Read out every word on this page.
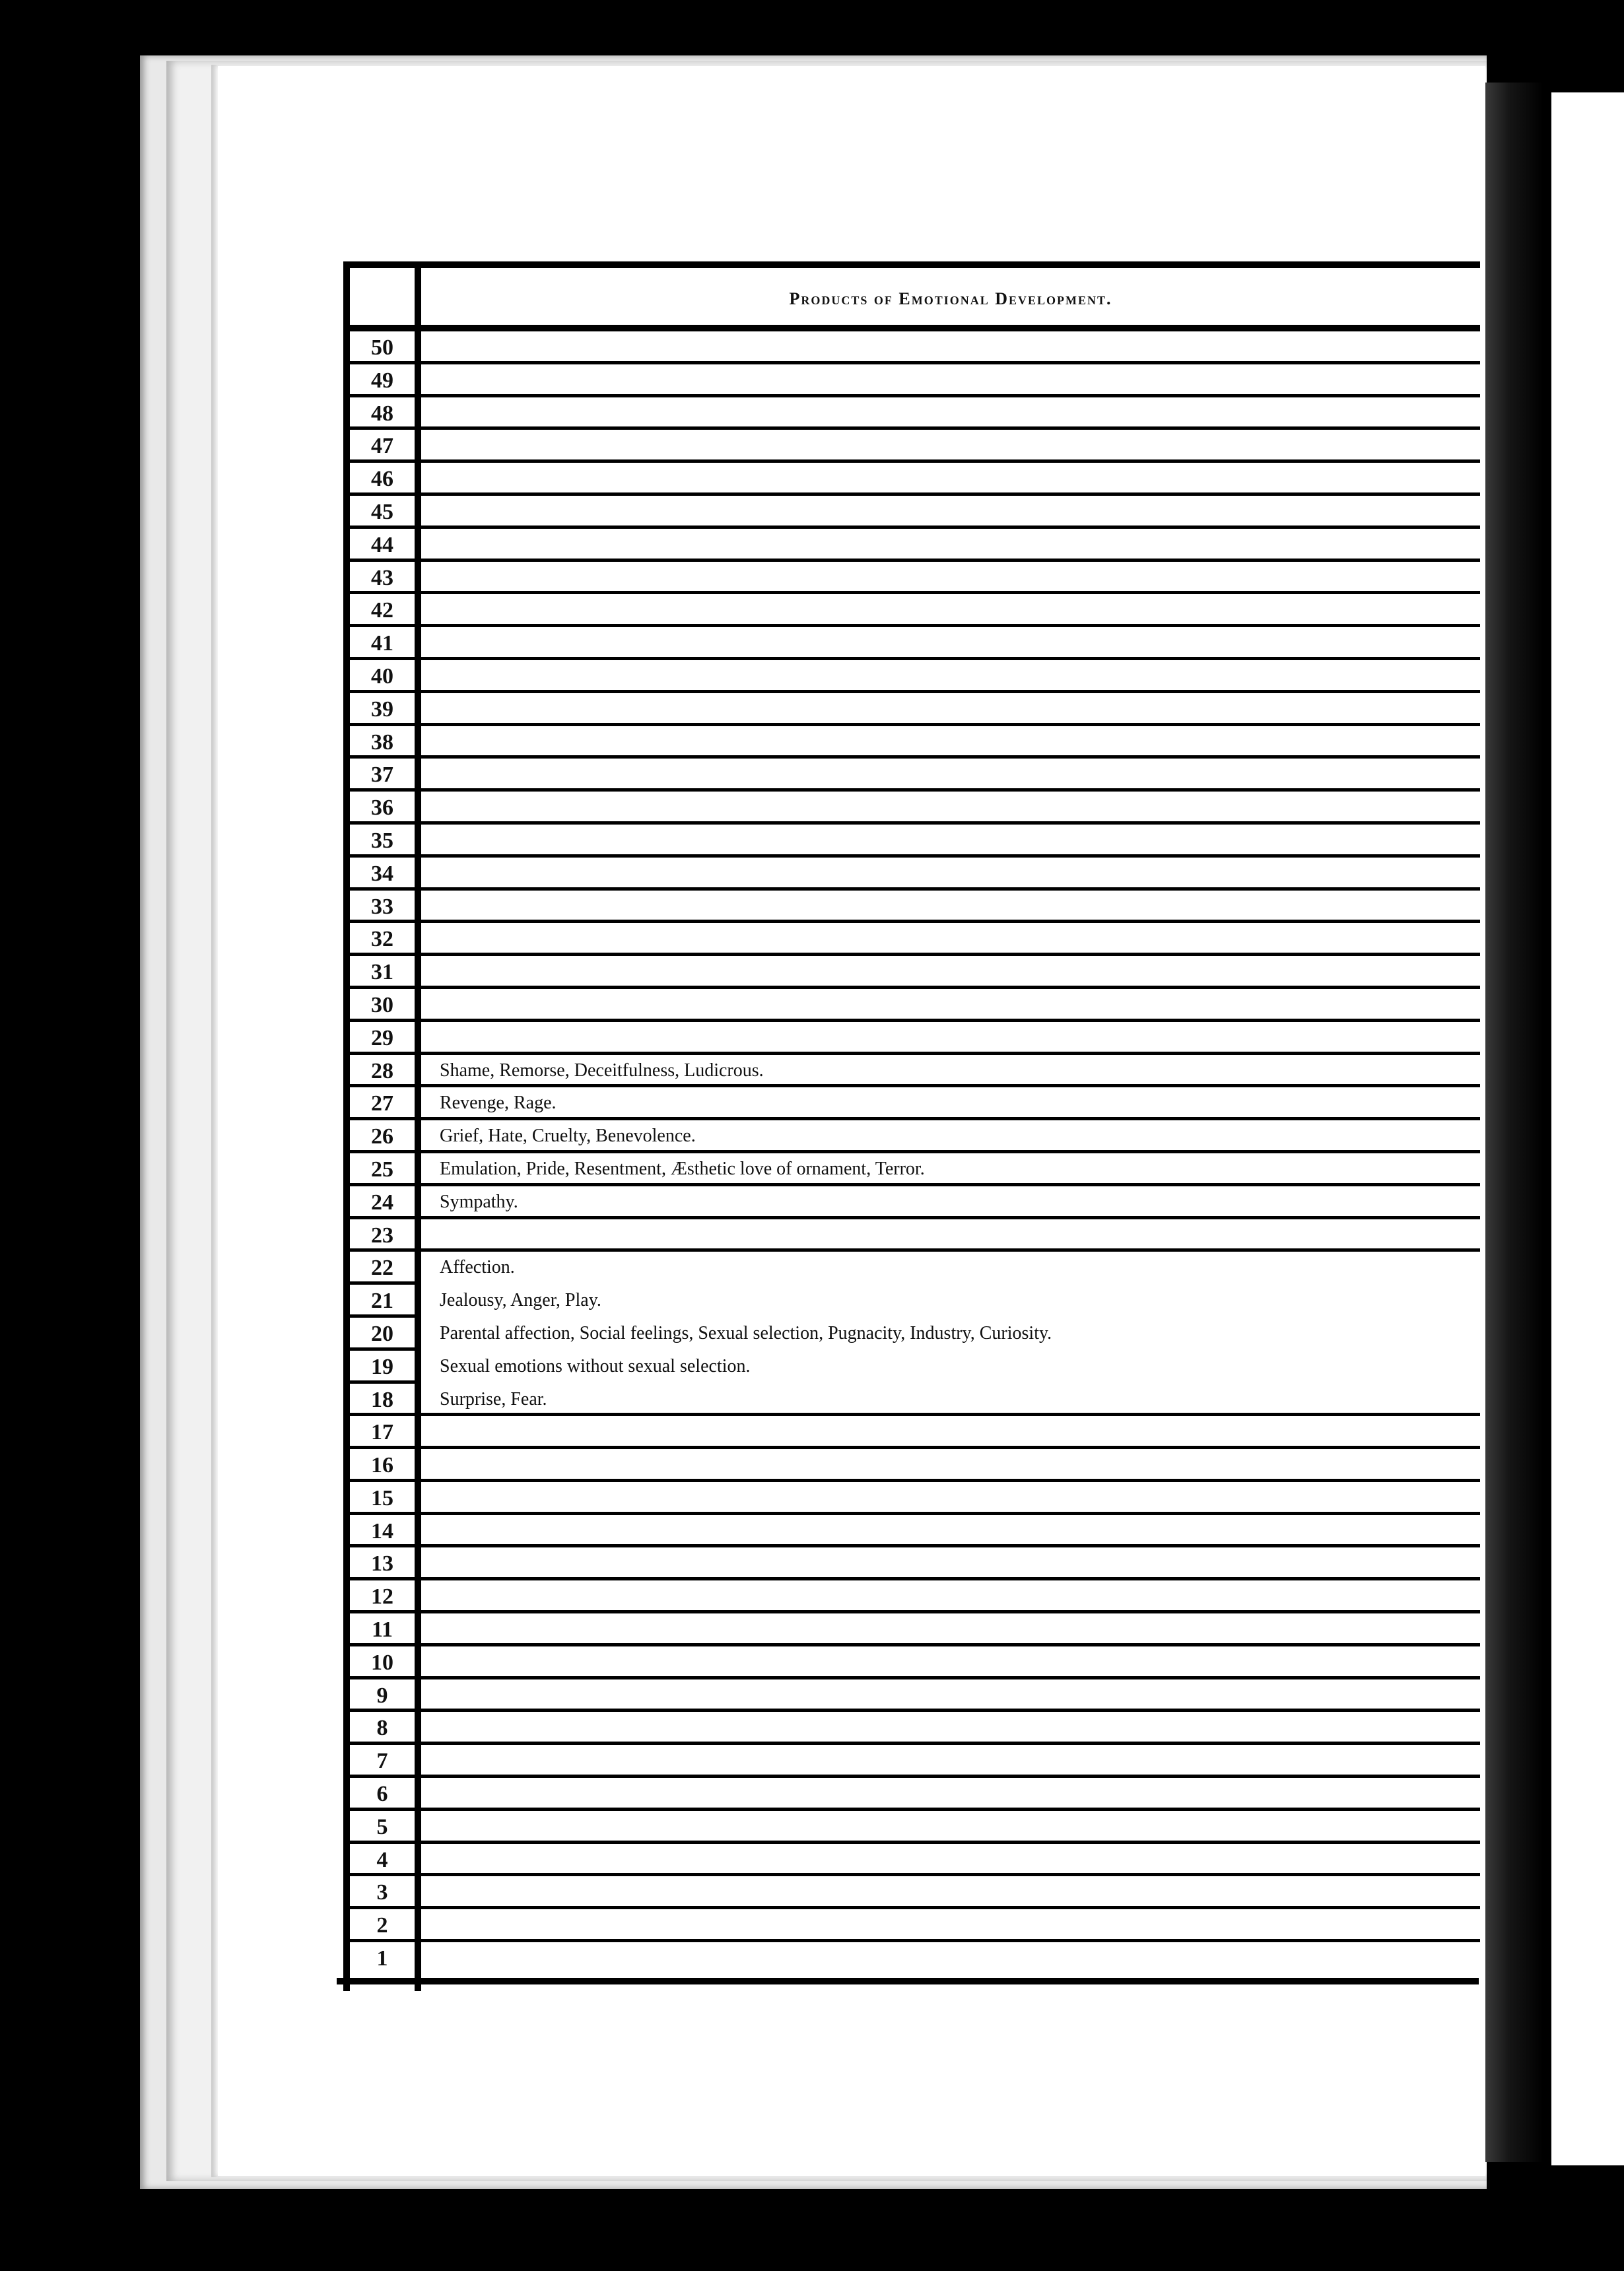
Products of Emotional Development.
50
49
48
47
46
45
44
43
42
41
40
39
38
37
36
35
34
33
32
31
30
29
28	Shame, Remorse, Deceitfulness, Ludicrous.
27	Revenge, Rage.
26	Grief, Hate, Cruelty, Benevolence.
25	Emulation, Pride, Resentment, Æsthetic love of ornament, Terror.
24	Sympathy.
23
22	Affection.
21	Jealousy, Anger, Play.
20	Parental affection, Social feelings, Sexual selection, Pugnacity, Industry, Curiosity.
19	Sexual emotions without sexual selection.
18	Surprise, Fear.
17
16
15
14
13
12
11
10
9
8
7
6
5
4
3
2
1
